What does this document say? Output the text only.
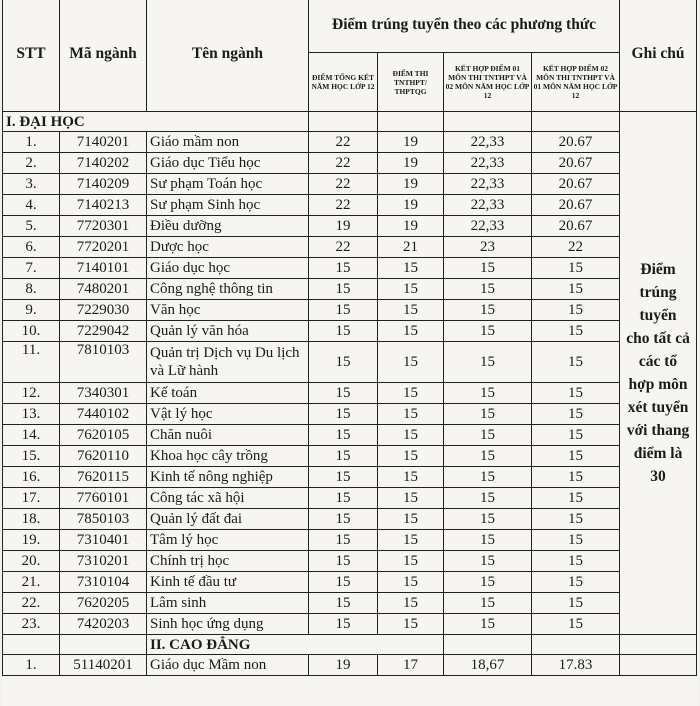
STT	Mã ngành	Tên ngành	Điểm trúng tuyển theo các phương thức				Ghi chú
			ĐIỂM TỔNG KẾT NĂM HỌC LỚP 12	ĐIỂM THI TNTHPT/ THPTQG	KẾT HỢP ĐIỂM 01 MÔN THI TNTHPT VÀ 02 MÔN NĂM HỌC LỚP 12	KẾT HỢP ĐIỂM 02 MÔN THI TNTHPT VÀ 01 MÔN NĂM HỌC LỚP 12	
I. ĐẠI HỌC							Điểm trúng tuyển cho tất cả các tổ hợp môn xét tuyển với thang điểm là 30
1.	7140201	Giáo mầm non	22	19	22,33	20.67	
2.	7140202	Giáo dục Tiểu học	22	19	22,33	20.67	
3.	7140209	Sư phạm Toán học	22	19	22,33	20.67	
4.	7140213	Sư phạm Sinh học	22	19	22,33	20.67	
5.	7720301	Điều dưỡng	19	19	22,33	20.67	
6.	7720201	Dược học	22	21	23	22	
7.	7140101	Giáo dục học	15	15	15	15	
8.	7480201	Công nghệ thông tin	15	15	15	15	
9.	7229030	Văn học	15	15	15	15	
10.	7229042	Quản lý văn hóa	15	15	15	15	
11.	7810103	Quản trị Dịch vụ Du lịch và Lữ hành	15	15	15	15	
12.	7340301	Kế toán	15	15	15	15	
13.	7440102	Vật lý học	15	15	15	15	
14.	7620105	Chăn nuôi	15	15	15	15	
15.	7620110	Khoa học cây trồng	15	15	15	15	
16.	7620115	Kinh tế nông nghiệp	15	15	15	15	
17.	7760101	Công tác xã hội	15	15	15	15	
18.	7850103	Quản lý đất đai	15	15	15	15	
19.	7310401	Tâm lý học	15	15	15	15	
20.	7310201	Chính trị học	15	15	15	15	
21.	7310104	Kinh tế đầu tư	15	15	15	15	
22.	7620205	Lâm sinh	15	15	15	15	
23.	7420203	Sinh học ứng dụng	15	15	15	15	
		II. CAO ĐẲNG					
1.	51140201	Giáo dục Mầm non	19	17	18,67	17.83	
